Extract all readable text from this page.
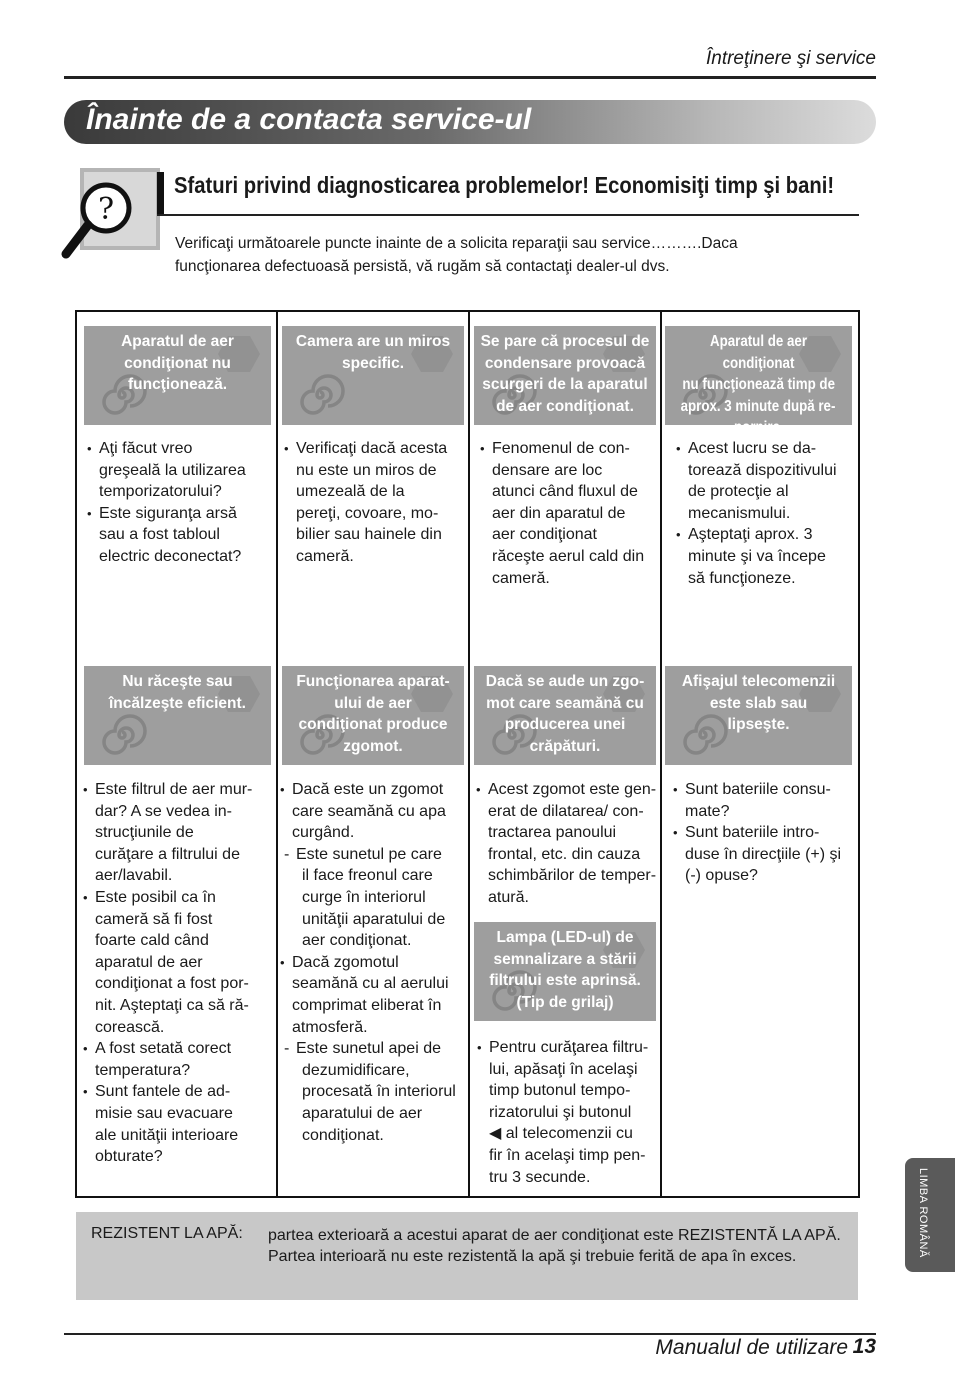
Întreţinere şi service
Înainte de a contacta service-ul
?
Sfaturi privind diagnosticarea problemelor! Economisiţi timp şi bani!
Verificaţi următoarele puncte inainte de a solicita reparaţii sau service……….Daca funcţionarea defectuoasă persistă, vă rugăm să contactaţi dealer-ul dvs.
Aparatul de aer
condiţionat nu
funcţionează.

• Aţi făcut vreo

greşeală la utilizarea

temporizatorului?

• Este siguranţa arsă

sau a fost tabloul

electric deconectat?

Camera are un miros
specific.

• Verificaţi dacă acesta

nu este un miros de

umezeală de la

pereţi, covoare, mo-

bilier sau hainele din

cameră.

Se pare că procesul de
condensare provoacă
scurgeri de la aparatul
de aer condiţionat.

• Fenomenul de con-

densare are loc

atunci când fluxul de

aer din aparatul de

aer condiţionat

răceşte aerul cald din

cameră.

Aparatul de aer condiţionat
nu funcţionează timp de
aprox. 3 minute după re-
pornire.

• Acest lucru se da-

torează dispozitivului

de protecţie al

mecanismului.

• Aşteptaţi aprox. 3

minute şi va începe

să funcţioneze.

Nu răceşte sau
încălzeşte eficient.

• Este filtrul de aer mur-

dar? A se vedea in-

strucţiunile de

curăţare a filtrului de

aer/lavabil.

• Este posibil ca în

cameră să fi fost

foarte cald când

aparatul de aer

condiţionat a fost por-

nit. Aşteptaţi ca să ră-

corească.

• A fost setată corect

temperatura?

• Sunt fantele de ad-

misie sau evacuare

ale unităţii interioare

obturate?

Funcţionarea aparat-
ului de aer
condiţionat produce
zgomot.

• Dacă este un zgomot

care seamănă cu apa

curgând.

- Este sunetul pe care

il face freonul care

curge în interiorul

unităţii aparatului de

aer condiţionat.

• Dacă zgomotul

seamănă cu al aerului

comprimat eliberat în

atmosferă.

- Este sunetul apei de

dezumidificare,

procesată în interiorul

aparatului de aer

condiţionat.

Dacă se aude un zgo-
mot care seamănă cu
producerea unei
crăpături.

• Acest zgomot este gen-

erat de dilatarea/ con-

tractarea panoului

frontal, etc. din cauza

schimbărilor de temper-

atură.

Lampa (LED-ul) de
semnalizare a stării
filtrului este aprinsă.
(Tip de grilaj)

• Pentru curăţarea filtru-

lui, apăsaţi în acelaşi

timp butonul tempo-

rizatorului şi butonul

◀ al telecomenzii cu

fir în acelaşi timp pen-

tru 3 secunde.

Afişajul telecomenzii
este slab sau
lipseşte.

• Sunt bateriile consu-

mate?

• Sunt bateriile intro-

duse în direcţiile (+) şi

(-) opuse?

REZISTENT LA APĂ: partea exterioară a acestui aparat de aer condiţionat este REZISTENTĂ LA APĂ. Partea interioară nu este rezistentă la apă şi trebuie ferită de apa în exces.	LIMBA ROMÂNĂ
Manualul de utilizare 13
